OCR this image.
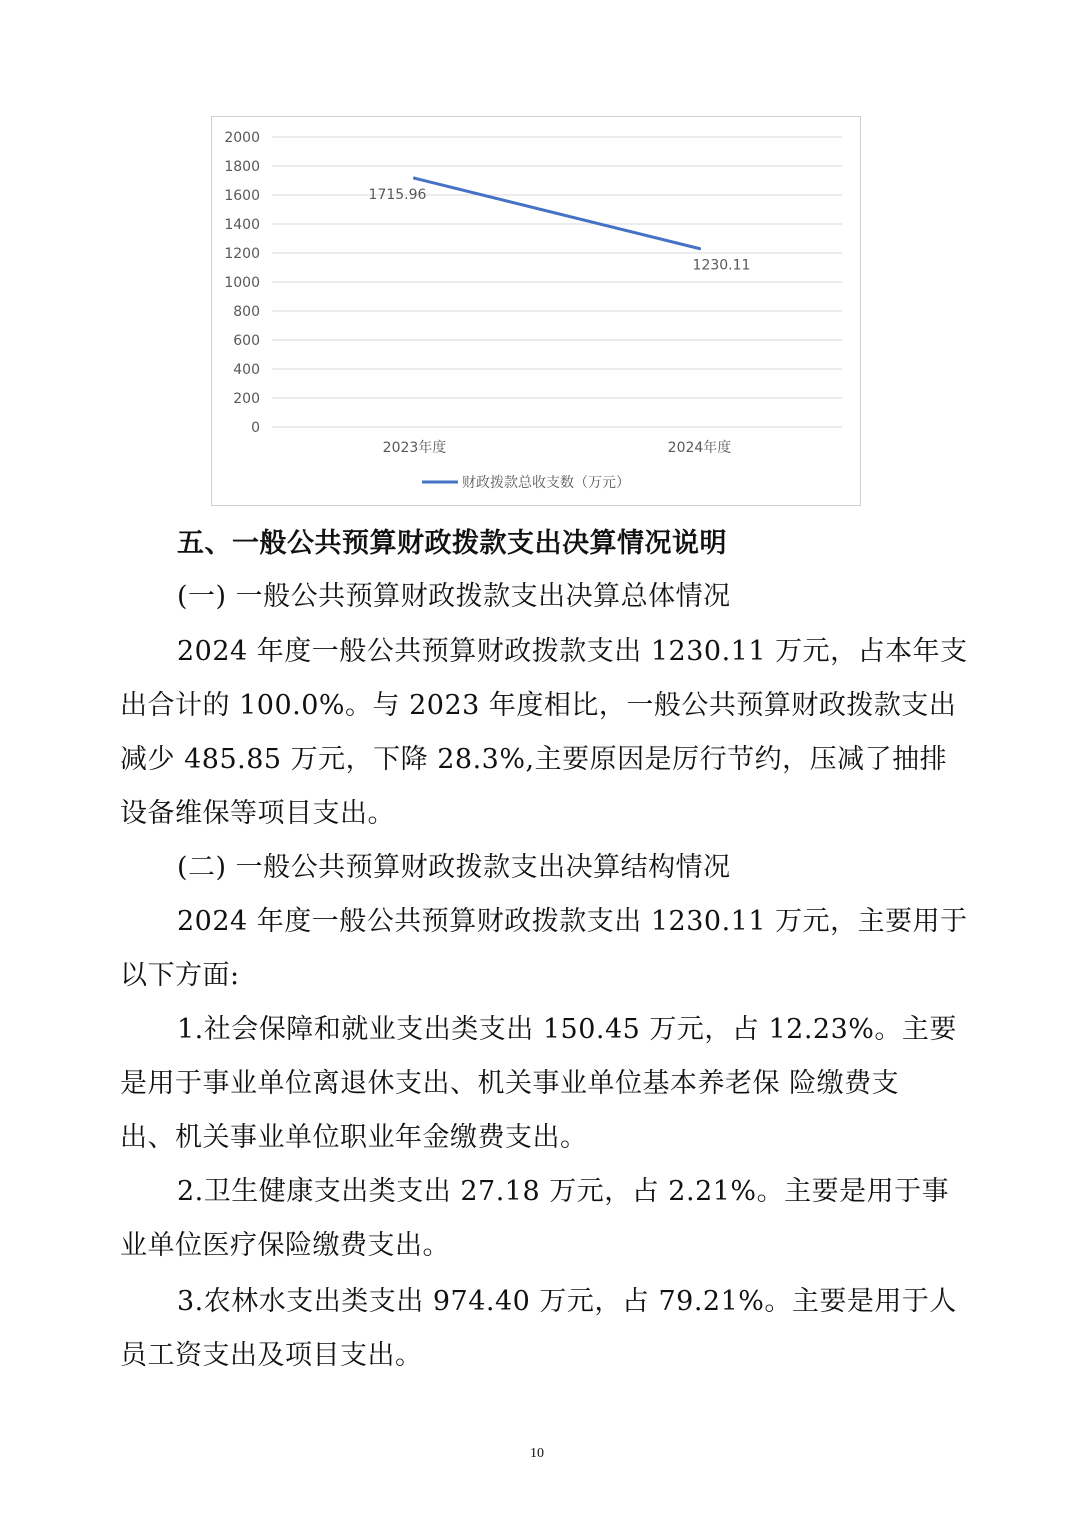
0
200
400
600
800
1000
1200
1400
1600
1800
2000
2023年度	2024年度
1715.96
1230.11
财政拨款总收支数（万元）

五、一般公共预算财政拨款支出决算情况说明

(一) 一般公共预算财政拨款支出决算总体情况

2024 年度一般公共预算财政拨款支出 1230.11 万元，占本年支

出合计的 100.0%。与 2023 年度相比，一般公共预算财政拨款支出

减少 485.85 万元，下降 28.3%,主要原因是厉行节约，压减了抽排

设备维保等项目支出。

(二) 一般公共预算财政拨款支出决算结构情况

2024 年度一般公共预算财政拨款支出 1230.11 万元，主要用于

以下方面:

1.社会保障和就业支出类支出 150.45 万元，占 12.23%。主要

是用于事业单位离退休支出、机关事业单位基本养老保 险缴费支

出、机关事业单位职业年金缴费支出。

2.卫生健康支出类支出 27.18 万元，占 2.21%。主要是用于事

业单位医疗保险缴费支出。

3.农林水支出类支出 974.40 万元，占 79.21%。主要是用于人

员工资支出及项目支出。

10
